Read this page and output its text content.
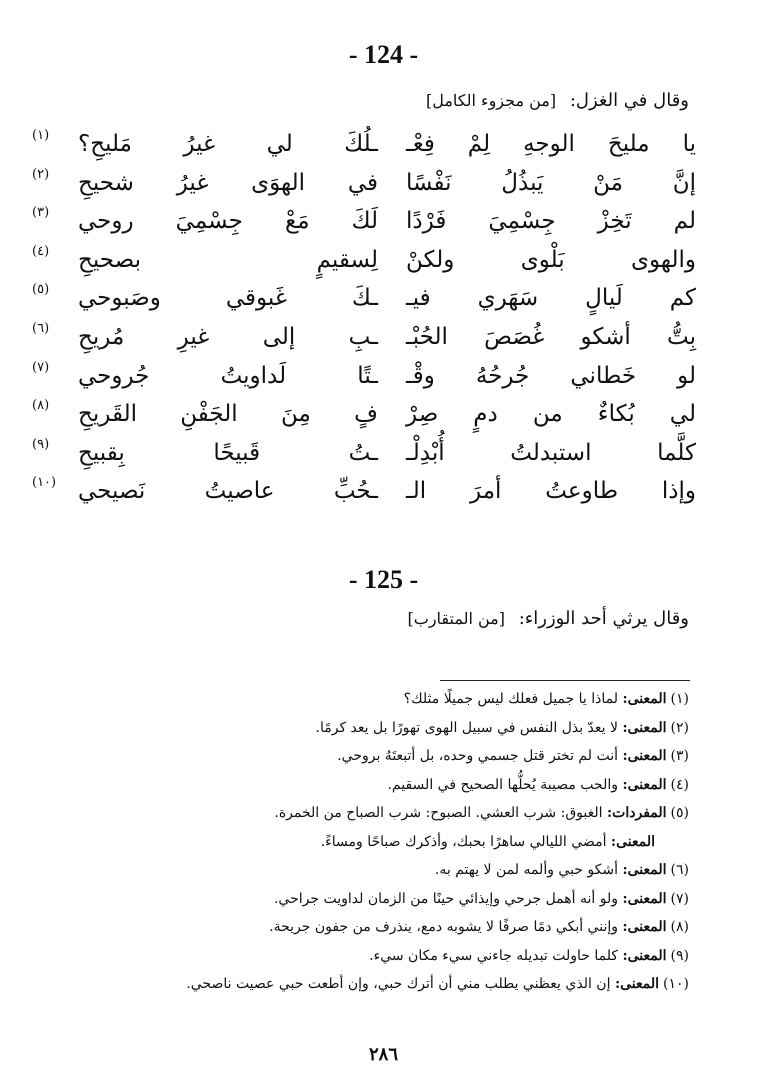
- 124 -
وقال في الغزل: [من مجزوء الكامل]
يا مليحَ الوجهِ لِمْ فِعْـ
ـلُكَ لي غيرُ مَليحِ؟
(١)
إنَّ مَنْ يَبذُلُ نَفْسًا
في الهوَى غيرُ شحيحِ
(٢)
لم تَخِزْ جِسْمِيَ فَرْدًا
لَكَ مَعْ جِسْمِيَ روحي
(٣)
والهوى بَلْوى ولكنْ
لِسقيمٍ بصحيحِ
(٤)
كم لَيالٍ سَهَري فيـ
ـكَ غَبوقي وصَبوحي
(٥)
بِتُّ أشكو غُصَصَ الحُبْـ
ـبِ إلى غيرِ مُريحِ
(٦)
لو خَطاني جُرحُهُ وقْـ
ـتًا لَداويتُ جُروحي
(٧)
لي بُكاءٌ من دمٍ صِرْ
فٍ مِنَ الجَفْنِ القَريحِ
(٨)
كلَّما استبدلتُ أُبْدِلْـ
ـتُ قَبيحًا بِقبيحِ
(٩)
وإذا طاوعتُ أمرَ الـ
ـحُبِّ عاصيتُ نَصيحي
(١٠)
- 125 -
وقال يرثي أحد الوزراء: [من المتقارب]
(١)المعنى: لماذا يا جميل فعلك ليس جميلًا مثلك؟
(٢)المعنى: لا يعدّ بذل النفس في سبيل الهوى تهورًا بل يعد كرمًا.
(٣)المعنى: أنت لم تختر قتل جسمي وحده، بل أتبعتَهُ بروحي.
(٤)المعنى: والحب مصيبة يُحلُّها الصحيح في السقيم.
(٥)المفردات: الغبوق: شرب العشي. الصبوح: شرب الصباح من الخمرة.
المعنى: أمضي الليالي ساهرًا بحبك، وأذكرك صباحًا ومساءً.
(٦)المعنى: أشكو حبي وألمه لمن لا يهتم به.
(٧)المعنى: ولو أنه أهمل جرحي وإيذائي حينًا من الزمان لداويت جراحي.
(٨)المعنى: وإنني أبكي دمًا صرفًا لا يشوبه دمع، ينذرف من جفون جريحة.
(٩)المعنى: كلما حاولت تبديله جاءني سيء مكان سيء.
(١٠)المعنى: إن الذي يعظني يطلب مني أن أترك حبي، وإن أطعت حبي عصيت ناصحي.
٢٨٦
